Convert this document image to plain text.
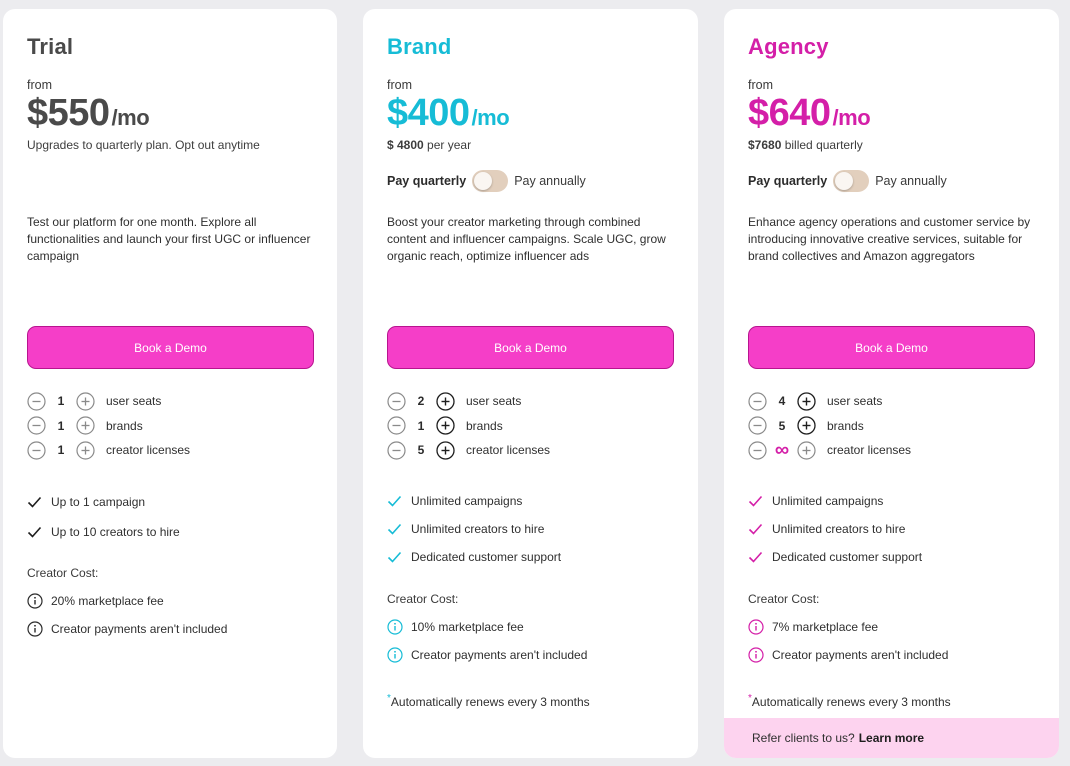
Trial
from
$550/mo
Upgrades to quarterly plan. Opt out anytime
Test our platform for one month. Explore all functionalities and launch your first UGC or influencer campaign
Book a Demo
1	user seats
1	brands
1	creator licenses
Up to 1 campaign
Up to 10 creators to hire
Creator Cost:
20% marketplace fee
Creator payments aren't included
Brand
from
$400/mo
$ 4800 per year
Pay quarterly	Pay annually
Boost your creator marketing through combined content and influencer campaigns. Scale UGC, grow organic reach, optimize influencer ads
Book a Demo
2	user seats
1	brands
5	creator licenses
Unlimited campaigns
Unlimited creators to hire
Dedicated customer support
Creator Cost:
10% marketplace fee
Creator payments aren't included
*Automatically renews every 3 months
Agency
from
$640/mo
$7680 billed quarterly
Pay quarterly	Pay annually
Enhance agency operations and customer service by introducing innovative creative services, suitable for brand collectives and Amazon aggregators
Book a Demo
4	user seats
5	brands
∞	creator licenses
Unlimited campaigns
Unlimited creators to hire
Dedicated customer support
Creator Cost:
7% marketplace fee
Creator payments aren't included
*Automatically renews every 3 months
Refer clients to us? Learn more
